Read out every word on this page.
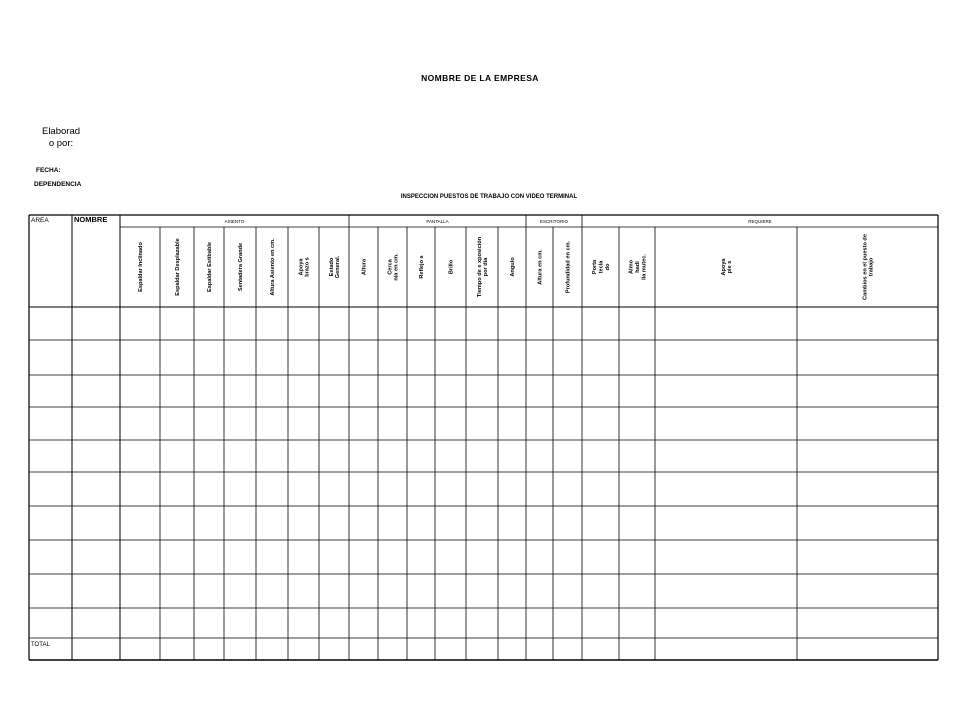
NOMBRE DE LA EMPRESA
Elaborad
o por:
FECHA:
DEPENDENCIA
INSPECCION PUESTOS DE TRABAJO CON VIDEO TERMINAL
AREA	NOMBRE	ASIENTO	PANTALLA	ESCRITORIO	REQUIERE
Espaldar Inclinado	Espaldar Desplazable	Espaldar Estibable	Sentadera Grande	Altura Asiento en cm.	Apoya brazo s	Estado General.	Altura	Cerca nía en cm.	Reflejo s	Brillo	Tiempo de e xposición por día	Angulo	Altura en cm.	Profundidad en cm.	Porta tecla do	Almo hadi lla mutec.	Apoya pie s	Cambios en el puesto de trabajo
TOTAL
